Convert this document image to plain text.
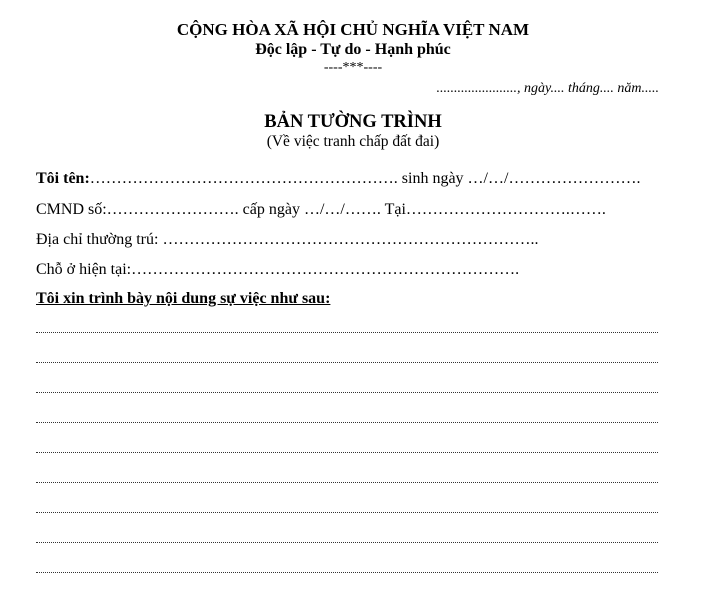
CỘNG HÒA XÃ HỘI CHỦ NGHĨA VIỆT NAM
Độc lập - Tự do - Hạnh phúc
----***----
......................., ngày.... tháng.... năm.....
BẢN TƯỜNG TRÌNH
(Về việc tranh chấp đất đai)
Tôi tên:…………………………………………………. sinh ngày …/…/…………………….
CMND số:……………………. cấp ngày …/…/……. Tại………………………….…….
Địa chỉ thường trú: ……………………………………………………………..
Chỗ ở hiện tại:……………………………………………………………….
Tôi xin trình bày nội dung sự việc như sau:
